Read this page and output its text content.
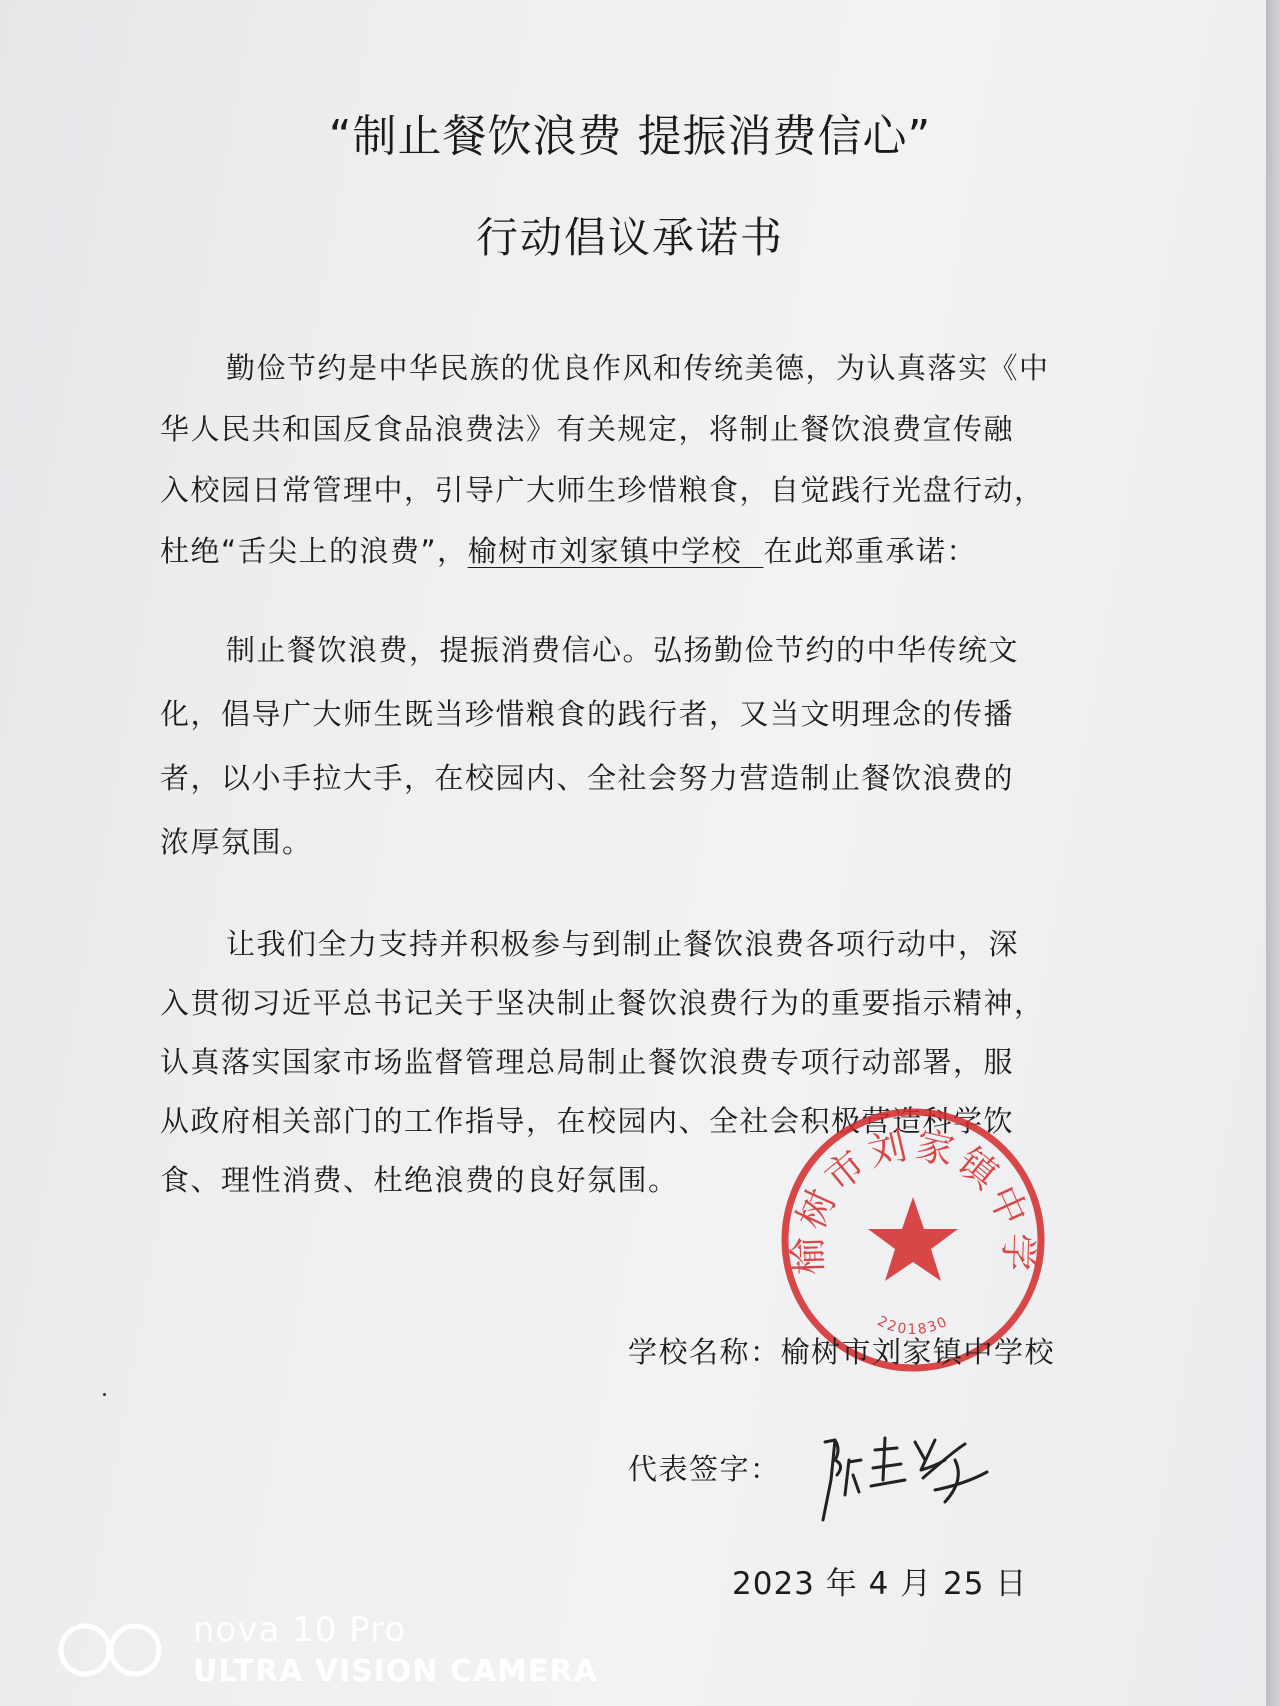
“制止餐饮浪费 提振消费信心”
行动倡议承诺书
勤俭节约是中华民族的优良作风和传统美德，为认真落实《中
华人民共和国反食品浪费法》有关规定，将制止餐饮浪费宣传融
入校园日常管理中，引导广大师生珍惜粮食，自觉践行光盘行动，
杜绝“舌尖上的浪费”，榆树市刘家镇中学校 在此郑重承诺：
制止餐饮浪费，提振消费信心。弘扬勤俭节约的中华传统文
化，倡导广大师生既当珍惜粮食的践行者，又当文明理念的传播
者，以小手拉大手，在校园内、全社会努力营造制止餐饮浪费的
浓厚氛围。
让我们全力支持并积极参与到制止餐饮浪费各项行动中，深
入贯彻习近平总书记关于坚决制止餐饮浪费行为的重要指示精神，
认真落实国家市场监督管理总局制止餐饮浪费专项行动部署，服
从政府相关部门的工作指导，在校园内、全社会积极营造科学饮
食、理性消费、杜绝浪费的良好氛围。
榆树市刘家镇中学
2201830
学校名称：榆树市刘家镇中学校
代表签字：
2023 年 4 月 25 日
nova 10 Pro
ULTRA VISION CAMERA
